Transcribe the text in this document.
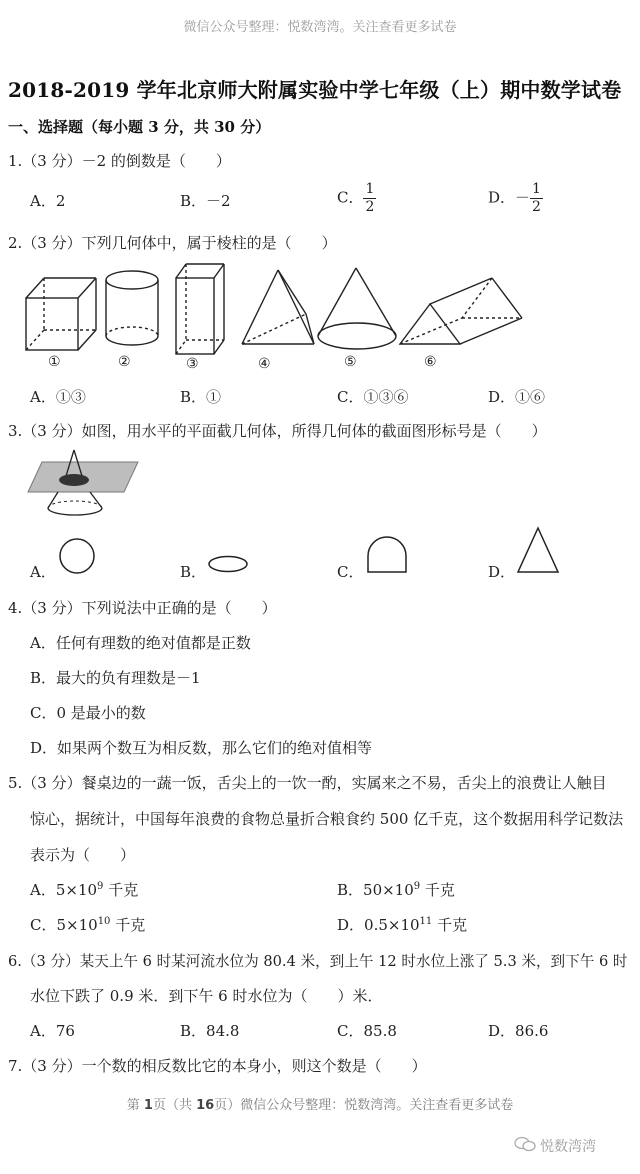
微信公众号整理：悦数湾湾。关注查看更多试卷
2018-2019 学年北京师大附属实验中学七年级（上）期中数学试卷
一、选择题（每小题 3 分，共 30 分）
1.（3 分）－2 的倒数是（　　）
A．2	B．－2	C． $\frac{1}{2}$	D．－ $\frac{1}{2}$
2.（3 分）下列几何体中，属于棱柱的是（　　）
①	②	③	④	⑤	⑥
A．①③	B．①	C．①③⑥	D．①⑥
3.（3 分）如图，用水平的平面截几何体，所得几何体的截面图形标号是（　　）
A．	B．	C．	D．
4.（3 分）下列说法中正确的是（　　）
A．任何有理数的绝对值都是正数
B．最大的负有理数是－1
C．0 是最小的数
D．如果两个数互为相反数，那么它们的绝对值相等
5.（3 分）餐桌边的一蔬一饭，舌尖上的一饮一酌，实属来之不易，舌尖上的浪费让人触目
惊心，据统计，中国每年浪费的食物总量折合粮食约 500 亿千克，这个数据用科学记数法
表示为（　　）
A．$5\times 10^9$ 千克	B．$50\times 10^9$ 千克
C．$5\times 10^{10}$ 千克	D．$0.5\times 10^{11}$ 千克
6.（3 分）某天上午 6 时某河流水位为 80.4 米，到上午 12 时水位上涨了 5.3 米，到下午 6 时
水位下跌了 0.9 米．到下午 6 时水位为（　　）米．
A．76	B．84.8	C．85.8	D．86.6
7.（3 分）一个数的相反数比它的本身小，则这个数是（　　）
第 1页（共 16页）微信公众号整理：悦数湾湾。关注查看更多试卷
悦数湾湾
